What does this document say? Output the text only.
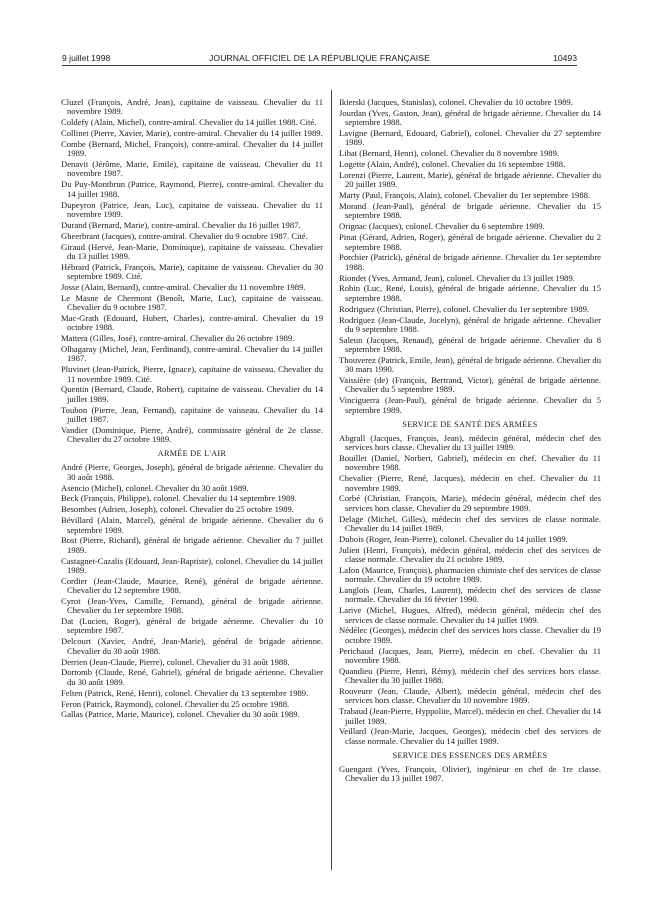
9 juillet 1998	JOURNAL OFFICIEL DE LA RÉPUBLIQUE FRANÇAISE	10493
Cluzel (François, André, Jean), capitaine de vaisseau. Chevalier du 11 novembre 1989.
Coldefy (Alain, Michel), contre-amiral. Chevalier du 14 juillet 1988. Cité.
Collinet (Pierre, Xavier, Marie), contre-amiral. Chevalier du 14 juillet 1989.
Combe (Bernard, Michel, François), contre-amiral. Chevalier du 14 juillet 1989.
Denavit (Jérôme, Marie, Emile), capitaine de vaisseau. Chevalier du 11 novembre 1987.
Du Puy-Montbrun (Patrice, Raymond, Pierre), contre-amiral. Chevalier du 14 juillet 1988.
Dupeyron (Patrice, Jean, Luc), capitaine de vaisseau. Chevalier du 11 novembre 1989.
Durand (Bernard, Marie), contre-amiral. Chevalier du 16 juillet 1987.
Gheerbrant (Jacques), contre-amiral. Chevalier du 9 octobre 1987. Cité.
Giraud (Hervé, Jean-Marie, Dominique), capitaine de vaisseau. Chevalier du 13 juillet 1989.
Hébrard (Patrick, François, Marie), capitaine de vaisseau. Chevalier du 30 septembre 1989. Cité.
Josse (Alain, Bernard), contre-amiral. Chevalier du 11 novembre 1989.
Le Masne de Chermont (Benoît, Marie, Luc), capitaine de vaisseau. Chevalier du 9 octobre 1987.
Mac-Grath (Edouard, Hubert, Charles), contre-amiral. Chevalier du 19 octobre 1988.
Mattera (Gilles, José), contre-amiral. Chevalier du 26 octobre 1989.
Olhagaray (Michel, Jean, Ferdinand), contre-amiral. Chevalier du 14 juillet 1987.
Pluvinet (Jean-Patrick, Pierre, Ignace), capitaine de vaisseau. Chevalier du 11 novembre 1989. Cité.
Quentin (Bernard, Claude, Robert), capitaine de vaisseau. Chevalier du 14 juillet 1989.
Toubon (Pierre, Jean, Fernand), capitaine de vaisseau. Chevalier du 14 juillet 1987.
Vandier (Dominique, Pierre, André), commissaire général de 2e classe. Chevalier du 27 octobre 1989.
ARMÉE DE L'AIR
André (Pierre, Georges, Joseph), général de brigade aérienne. Chevalier du 30 août 1988.
Asencio (Michel), colonel. Chevalier du 30 août 1989.
Beck (François, Philippe), colonel. Chevalier du 14 septembre 1989.
Besombes (Adrien, Joseph), colonel. Chevalier du 25 octobre 1989.
Bévillard (Alain, Marcel), général de brigade aérienne. Chevalier du 6 septembre 1989.
Bost (Pierre, Richard), général de brigade aérienne. Chevalier du 7 juillet 1989.
Castagnet-Cazalis (Edouard, Jean-Baptiste), colonel. Chevalier du 14 juillet 1989.
Cordier (Jean-Claude, Maurice, René), général de brigade aérienne. Chevalier du 12 septembre 1988.
Cyrot (Jean-Yves, Camille, Fernand), général de brigade aérienne. Chevalier du 1er septembre 1988.
Dat (Lucien, Roger), général de brigade aérienne. Chevalier du 10 septembre 1987.
Delcourt (Xavier, André, Jean-Marie), général de brigade aérienne. Chevalier du 30 août 1988.
Derrien (Jean-Claude, Pierre), colonel. Chevalier du 31 août 1988.
Dortomb (Claude, René, Gabriel), général de brigade aérienne. Chevalier du 30 août 1989.
Felten (Patrick, René, Henri), colonel. Chevalier du 13 septembre 1989.
Feron (Patrick, Raymond), colonel. Chevalier du 25 octobre 1988.
Gallas (Patrice, Marie, Maurice), colonel. Chevalier du 30 août 1989.
Ikierski (Jacques, Stanislas), colonel. Chevalier du 10 octobre 1989.
Jourdan (Yves, Gaston, Jean), général de brigade aérienne. Chevalier du 14 septembre 1988.
Lavigne (Bernard, Edouard, Gabriel), colonel. Chevalier du 27 septembre 1989.
Libat (Bernard, Henri), colonel. Chevalier du 8 novembre 1989.
Logette (Alain, André), colonel. Chevalier du 16 septembre 1988.
Lorenzi (Pierre, Laurent, Marie), général de brigade aérienne. Chevalier du 20 juillet 1989.
Marty (Paul, François, Alain), colonel. Chevalier du 1er septembre 1988.
Morand (Jean-Paul), général de brigade aérienne. Chevalier du 15 septembre 1988.
Orignac (Jacques), colonel. Chevalier du 6 septembre 1989.
Pinat (Gérard, Adrien, Roger), général de brigade aérienne. Chevalier du 2 septembre 1988.
Porchier (Patrick), général de brigade aérienne. Chevalier du 1er septembre 1988.
Riondet (Yves, Armand, Jean), colonel. Chevalier du 13 juillet 1989.
Robin (Luc, René, Louis), général de brigade aérienne. Chevalier du 15 septembre 1988.
Rodriguez (Christian, Pierre), colonel. Chevalier du 1er septembre 1989.
Rodriguez (Jean-Claude, Jocelyn), général de brigade aérienne. Chevalier du 9 septembre 1988.
Saleun (Jacques, Renaud), général de brigade aérienne. Chevalier du 8 septembre 1988.
Thouverez (Patrick, Emile, Jean), général de brigade aérienne. Chevalier du 30 mars 1990.
Vaissière (de) (François, Bertrand, Victor), général de brigade aérienne. Chevalier du 5 septembre 1989.
Vinciguerra (Jean-Paul), général de brigade aérienne. Chevalier du 5 septembre 1989.
SERVICE DE SANTÉ DES ARMÉES
Abgrall (Jacques, François, Jean), médecin général, médecin chef des services hors classe. Chevalier du 13 juillet 1989.
Bouillet (Daniel, Norbert, Gabriel), médecin en chef. Chevalier du 11 novembre 1988.
Chevalier (Pierre, René, Jacques), médecin en chef. Chevalier du 11 novembre 1989.
Corbé (Christian, François, Marie), médecin général, médecin chef des services hors classe. Chevalier du 29 septembre 1989.
Delage (Michel, Gilles), médecin chef des services de classe normale. Chevalier du 14 juillet 1989.
Dubois (Roger, Jean-Pierre), colonel. Chevalier du 14 juillet 1989.
Julien (Henri, François), médecin général, médecin chef des services de classe normale. Chevalier du 21 octobre 1989.
Lafon (Maurice, François), pharmacien chimiste chef des services de classe normale. Chevalier du 19 octobre 1989.
Langlois (Jean, Charles, Laurent), médecin chef des services de classe normale. Chevalier du 16 février 1990.
Larive (Michel, Hugues, Alfred), médecin général, médecin chef des services de classe normale. Chevalier du 14 juillet 1989.
Nédélec (Georges), médecin chef des services hors classe. Chevalier du 19 octobre 1989.
Perichaud (Jacques, Jean, Pierre), médecin en chef. Chevalier du 11 novembre 1988.
Quandieu (Pierre, Henri, Rémy), médecin chef des services hors classe. Chevalier du 30 juillet 1988.
Rouveure (Jean, Claude, Albert), médecin général, médecin chef des services hors classe. Chevalier du 10 novembre 1989.
Trabaud (Jean-Pierre, Hyppolite, Marcel), médecin en chef. Chevalier du 14 juillet 1989.
Veillard (Jean-Marie, Jacques, Georges), médecin chef des services de classe normale. Chevalier du 14 juillet 1989.
SERVICE DES ESSENCES DES ARMÉES
Guengant (Yves, François, Olivier), ingénieur en chef de 1re classe. Chevalier du 13 juillet 1987.
